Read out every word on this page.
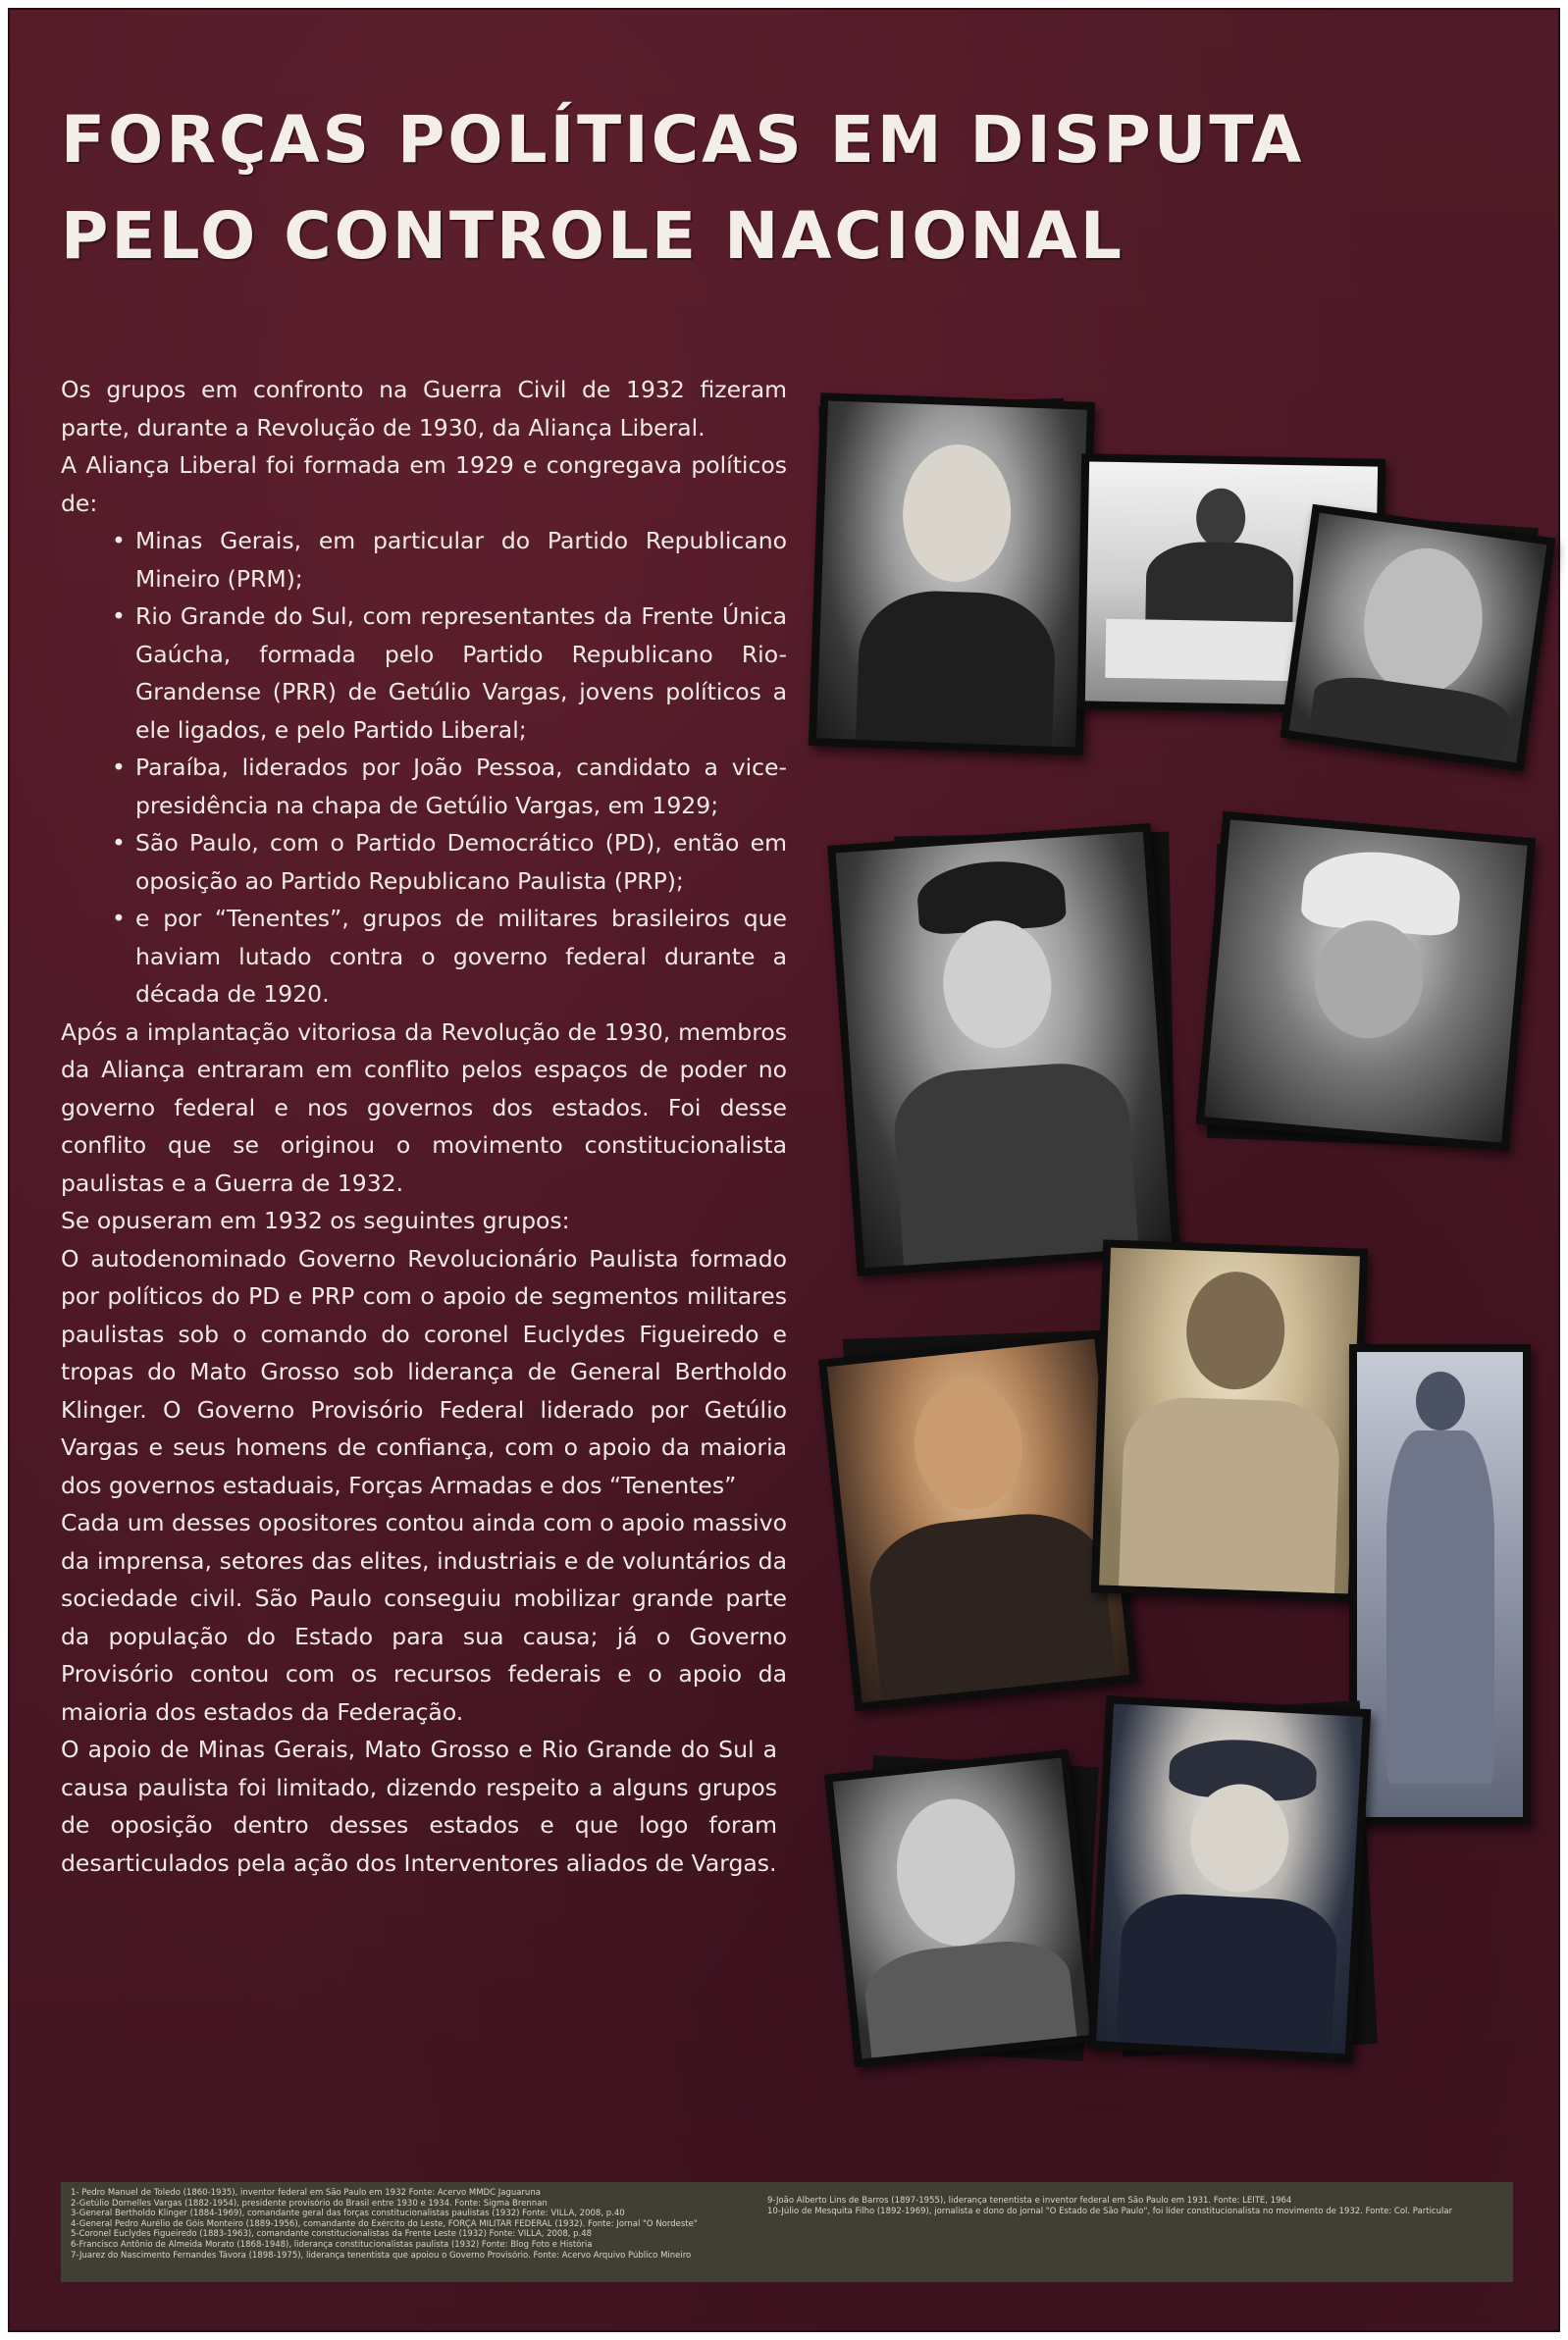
FORÇAS POLÍTICAS EM DISPUTA
PELO CONTROLE NACIONAL

Os grupos em confronto na Guerra Civil de 1932 fizeram parte, durante a Revolução de 1930, da Aliança Liberal.

A Aliança Liberal foi formada em 1929 e congregava políticos de:

• Minas Gerais, em particular do Partido Republicano Mineiro (PRM);
• Rio Grande do Sul, com representantes da Frente Única Gaúcha, formada pelo Partido Republicano Rio-Grandense (PRR) de Getúlio Vargas, jovens políticos a ele ligados, e pelo Partido Liberal;
• Paraíba, liderados por João Pessoa, candidato a vice-presidência na chapa de Getúlio Vargas, em 1929;
• São Paulo, com o Partido Democrático (PD), então em oposição ao Partido Republicano Paulista (PRP);
• e por “Tenentes”, grupos de militares brasileiros que haviam lutado contra o governo federal durante a década de 1920.

Após a implantação vitoriosa da Revolução de 1930, membros da Aliança entraram em conflito pelos espaços de poder no governo federal e nos governos dos estados. Foi desse conflito que se originou o movimento constitucionalista paulistas e a Guerra de 1932.

Se opuseram em 1932 os seguintes grupos:

O autodenominado Governo Revolucionário Paulista formado por políticos do PD e PRP com o apoio de segmentos militares paulistas sob o comando do coronel Euclydes Figueiredo e tropas do Mato Grosso sob liderança de General Bertholdo Klinger. O Governo Provisório Federal liderado por Getúlio Vargas e seus homens de confiança, com o apoio da maioria dos governos estaduais, Forças Armadas e dos “Tenentes”

Cada um desses opositores contou ainda com o apoio massivo da imprensa, setores das elites, industriais e de voluntários da sociedade civil. São Paulo conseguiu mobilizar grande parte da população do Estado para sua causa; já o Governo Provisório contou com os recursos federais e o apoio da maioria dos estados da Federação.

O apoio de Minas Gerais, Mato Grosso e Rio Grande do Sul a causa paulista foi limitado, dizendo respeito a alguns grupos de oposição dentro desses estados e que logo foram desarticulados pela ação dos Interventores aliados de Vargas.

1- Pedro Manuel de Toledo (1860-1935), inventor federal em São Paulo em 1932 Fonte: Acervo MMDC Jaguaruna
2-Getúlio Dornelles Vargas (1882-1954), presidente provisório do Brasil entre 1930 e 1934. Fonte: Sigma Brennan
3-General Bertholdo Klinger (1884-1969), comandante geral das forças constitucionalistas paulistas (1932) Fonte: VILLA, 2008, p.40
4-General Pedro Aurélio de Góis Monteiro (1889-1956), comandante do Exército do Leste, FORÇA MILITAR FEDERAL (1932). Fonte: Jornal "O Nordeste"
5-Coronel Euclydes Figueiredo (1883-1963), comandante constitucionalistas da Frente Leste (1932) Fonte: VILLA, 2008, p.48
6-Francisco Antônio de Almeida Morato (1868-1948), liderança constitucionalistas paulista (1932) Fonte: Blog Foto e História
7-Juarez do Nascimento Fernandes Távora (1898-1975), liderança tenentista que apoiou o Governo Provisório. Fonte: Acervo Arquivo Público Mineiro
9-João Alberto Lins de Barros (1897-1955), liderança tenentista e inventor federal em São Paulo em 1931. Fonte: LEITE, 1964
10-Júlio de Mesquita Filho (1892-1969), jornalista e dono do jornal "O Estado de São Paulo", foi líder constitucionalista no movimento de 1932. Fonte: Col. Particular
